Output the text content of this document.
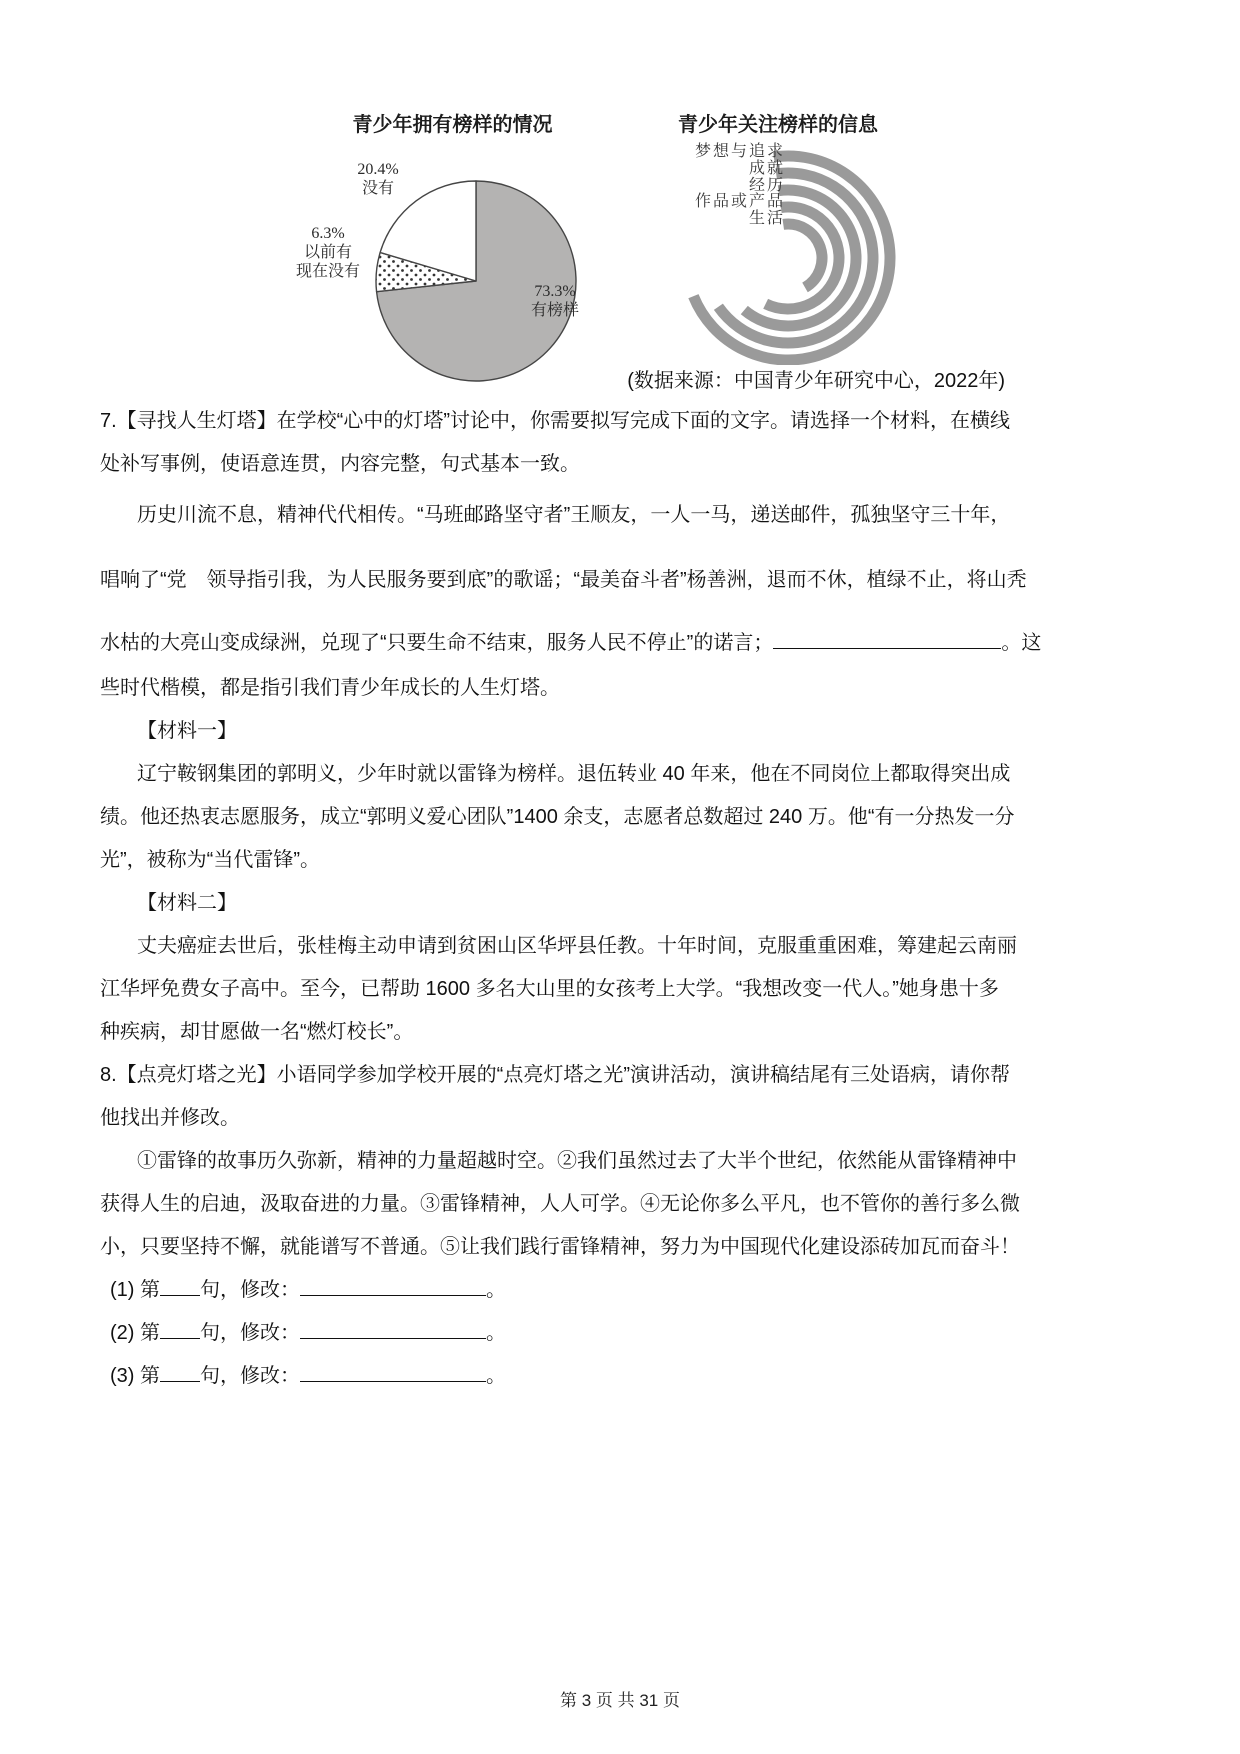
青少年拥有榜样的情况	青少年关注榜样的信息
20.4%
没有
6.3%
以前有
现在没有
73.3%
有榜样
梦想与追求
成就
经历
作品或产品
生活
(数据来源：中国青少年研究中心，2022年)
7.【寻找人生灯塔】在学校“心中的灯塔”讨论中，你需要拟写完成下面的文字。请选择一个材料，在横线
处补写事例，使语意连贯，内容完整，句式基本一致。
历史川流不息，精神代代相传。“马班邮路坚守者”王顺友，一人一马，递送邮件，孤独坚守三十年，
唱响了“党　领导指引我，为人民服务要到底”的歌谣；“最美奋斗者”杨善洲，退而不休，植绿不止，将山秃
水枯的大亮山变成绿洲，兑现了“只要生命不结束，服务人民不停止”的诺言；	。这
些时代楷模，都是指引我们青少年成长的人生灯塔。
【材料一】
辽宁鞍钢集团的郭明义，少年时就以雷锋为榜样。退伍转业 40 年来，他在不同岗位上都取得突出成
绩。他还热衷志愿服务，成立“郭明义爱心团队”1400 余支，志愿者总数超过 240 万。他“有一分热发一分
光”，被称为“当代雷锋”。
【材料二】
丈夫癌症去世后，张桂梅主动申请到贫困山区华坪县任教。十年时间，克服重重困难，筹建起云南丽
江华坪免费女子高中。至今，已帮助 1600 多名大山里的女孩考上大学。“我想改变一代人。”她身患十多
种疾病，却甘愿做一名“燃灯校长”。
8.【点亮灯塔之光】小语同学参加学校开展的“点亮灯塔之光”演讲活动，演讲稿结尾有三处语病，请你帮
他找出并修改。
①雷锋的故事历久弥新，精神的力量超越时空。②我们虽然过去了大半个世纪，依然能从雷锋精神中
获得人生的启迪，汲取奋进的力量。③雷锋精神，人人可学。④无论你多么平凡，也不管你的善行多么微
小，只要坚持不懈，就能谱写不普通。⑤让我们践行雷锋精神，努力为中国现代化建设添砖加瓦而奋斗！
(1) 第 句，修改：	。
(2) 第 句，修改：	。
(3) 第 句，修改：	。
第 3 页 共 31 页
